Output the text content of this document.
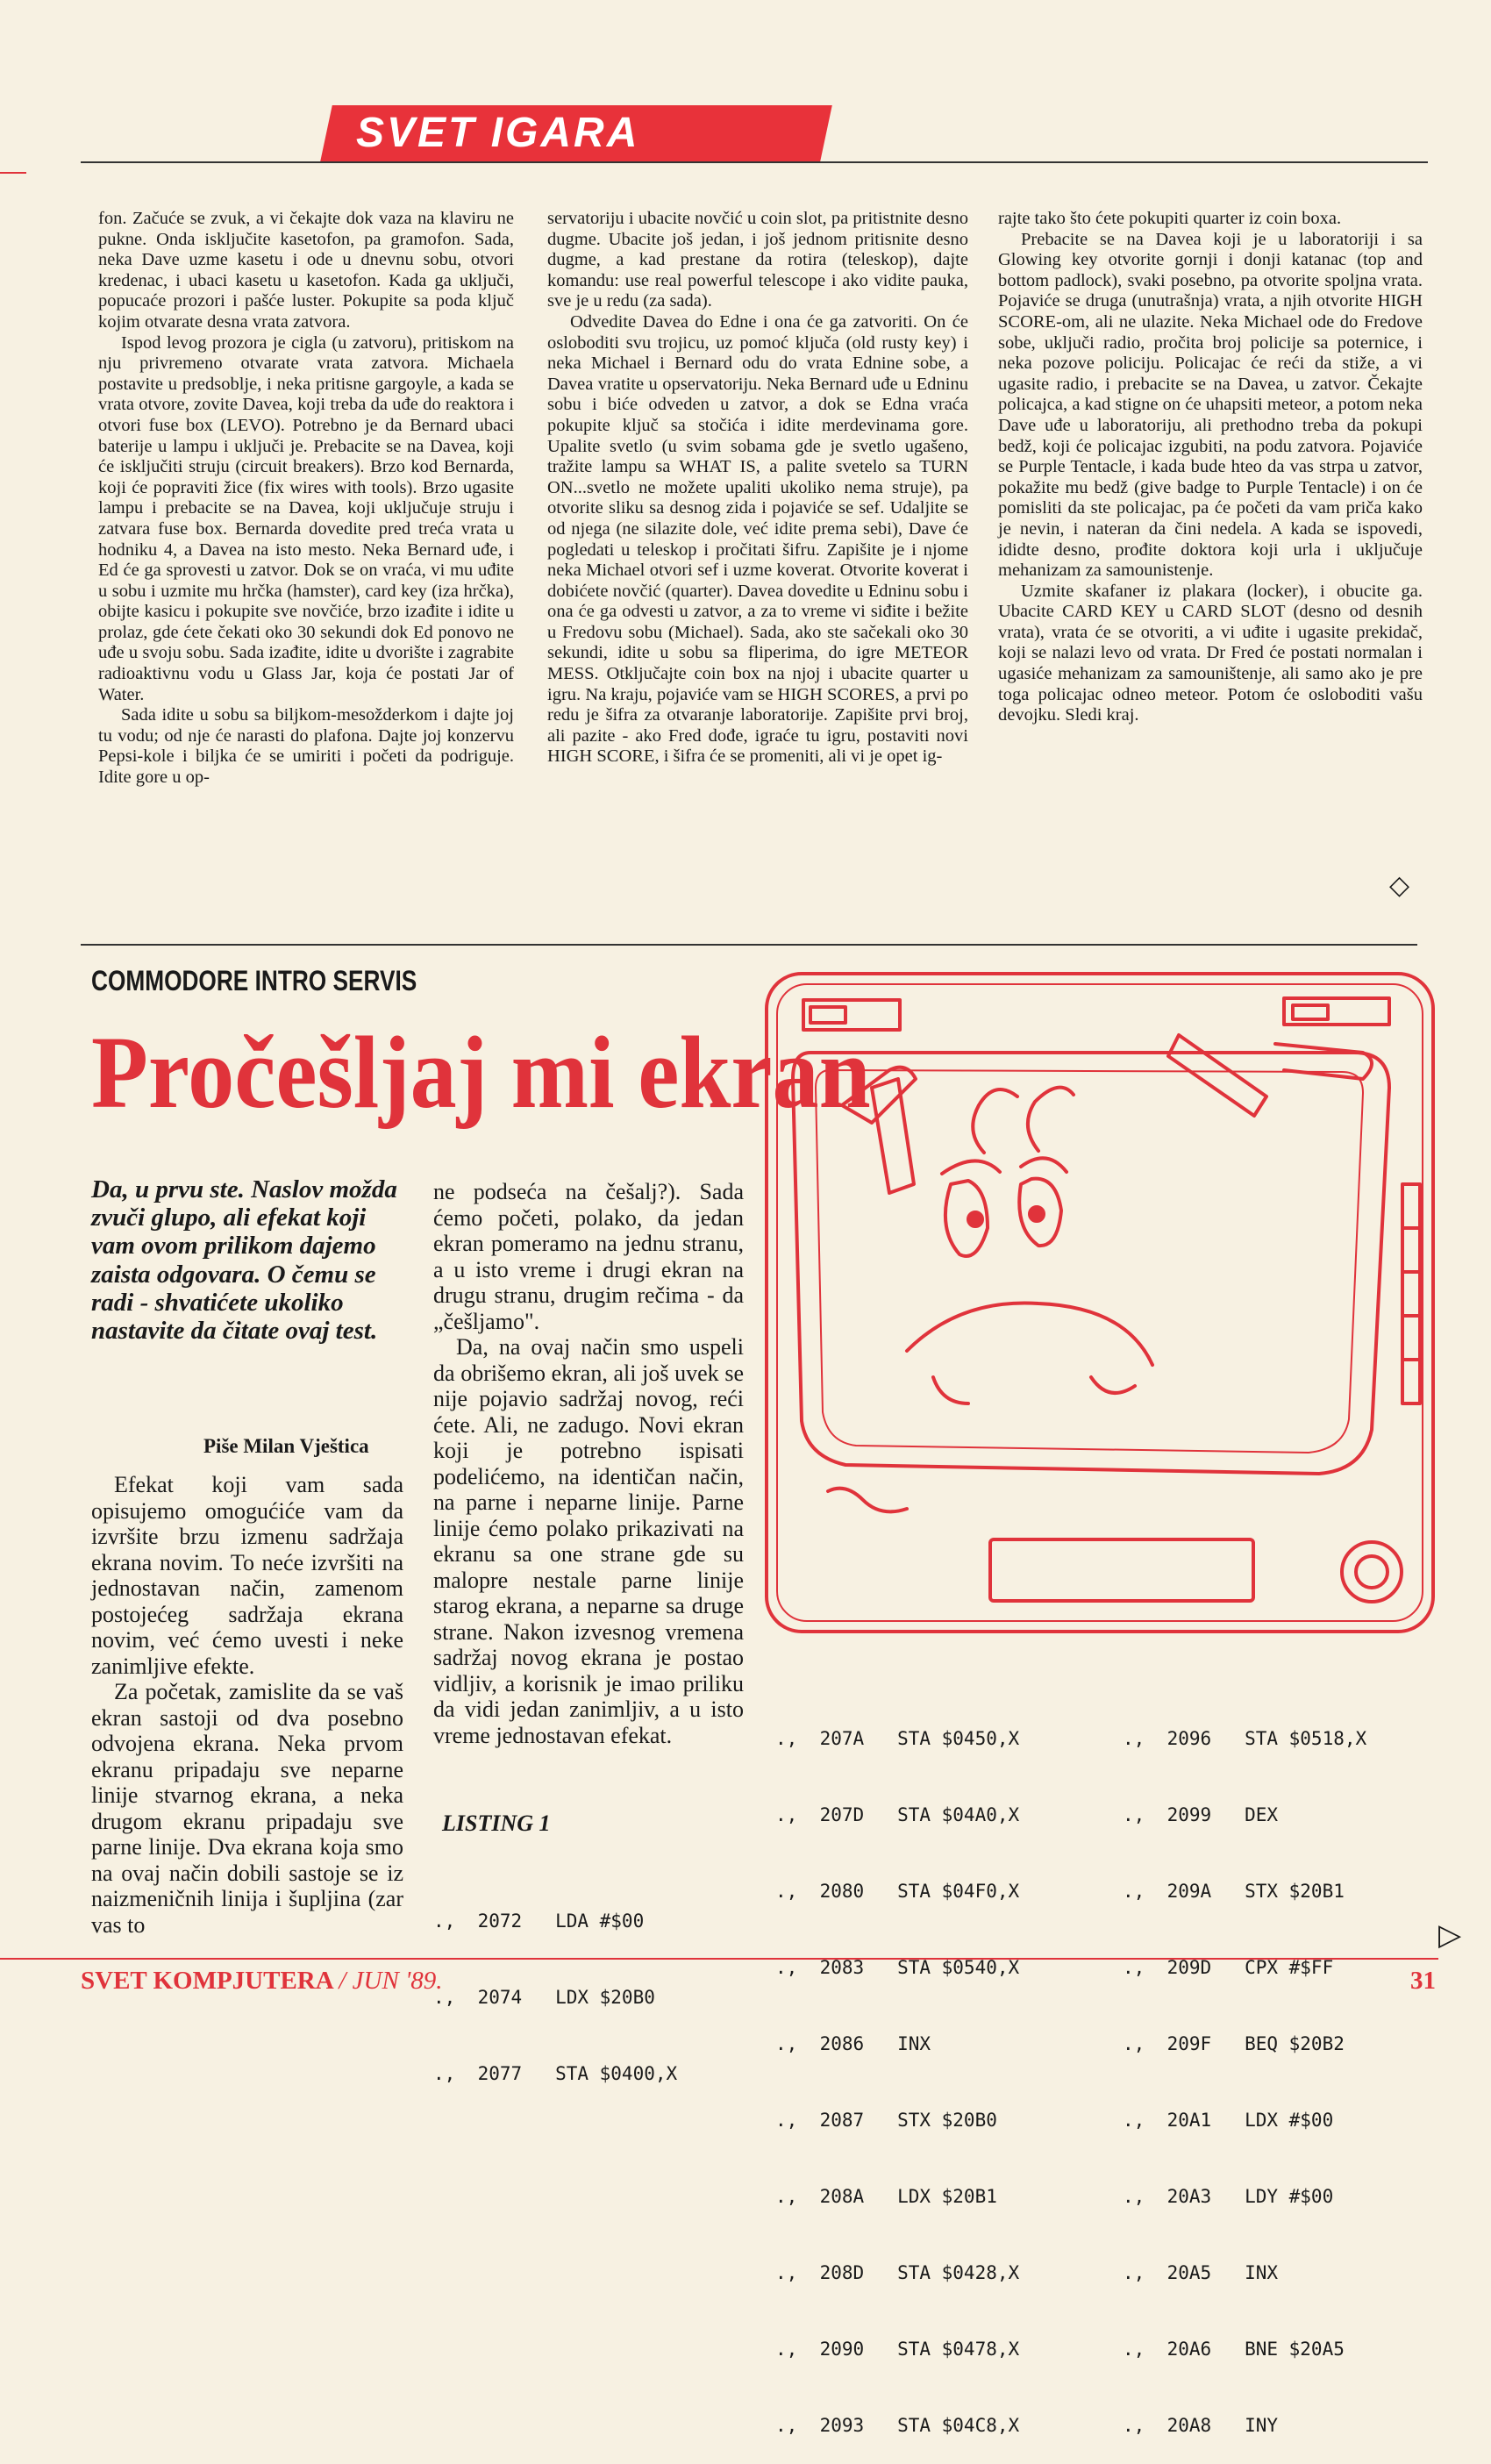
SVET IGARA

fon. Začuće se zvuk, a vi čekajte dok vaza na klaviru ne pukne. Onda isključite kasetofon, pa gramofon. Sada, neka Dave uzme kasetu i ode u dnevnu sobu, otvori kredenac, i ubaci kasetu u kasetofon. Kada ga uključi, popucaće prozori i pašće luster. Pokupite sa poda ključ kojim otvarate desna vrata zatvora.

Ispod levog prozora je cigla (u zatvoru), pritiskom na nju privremeno otvarate vrata zatvora. Michaela postavite u predsoblje, i neka pritisne gargoyle, a kada se vrata otvore, zovite Davea, koji treba da uđe do reaktora i otvori fuse box (LEVO). Potrebno je da Bernard ubaci baterije u lampu i uključi je. Prebacite se na Davea, koji će isključiti struju (circuit breakers). Brzo kod Bernarda, koji će popraviti žice (fix wires with tools). Brzo ugasite lampu i prebacite se na Davea, koji uključuje struju i zatvara fuse box. Bernarda dovedite pred treća vrata u hodniku 4, a Davea na isto mesto. Neka Bernard uđe, i Ed će ga sprovesti u zatvor. Dok se on vraća, vi mu uđite u sobu i uzmite mu hrčka (hamster), card key (iza hrčka), obijte kasicu i pokupite sve novčiće, brzo izađite i idite u prolaz, gde ćete čekati oko 30 sekundi dok Ed ponovo ne uđe u svoju sobu. Sada izađite, idite u dvorište i zagrabite radioaktivnu vodu u Glass Jar, koja će postati Jar of Water.

Sada idite u sobu sa biljkom-mesožderkom i dajte joj tu vodu; od nje će narasti do plafona. Dajte joj konzervu Pepsi-kole i biljka će se umiriti i početi da podriguje. Idite gore u op-

servatoriju i ubacite novčić u coin slot, pa pritistnite desno dugme. Ubacite još jedan, i još jednom pritisnite desno dugme, a kad prestane da rotira (teleskop), dajte komandu: use real powerful telescope i ako vidite pauka, sve je u redu (za sada).

Odvedite Davea do Edne i ona će ga zatvoriti. On će osloboditi svu trojicu, uz pomoć ključa (old rusty key) i neka Michael i Bernard odu do vrata Ednine sobe, a Davea vratite u opservatoriju. Neka Bernard uđe u Edninu sobu i biće odveden u zatvor, a dok se Edna vraća pokupite ključ sa stočića i idite merdevinama gore. Upalite svetlo (u svim sobama gde je svetlo ugašeno, tražite lampu sa WHAT IS, a palite svetelo sa TURN ON...svetlo ne možete upaliti ukoliko nema struje), pa otvorite sliku sa desnog zida i pojaviće se sef. Udaljite se od njega (ne silazite dole, već idite prema sebi), Dave će pogledati u teleskop i pročitati šifru. Zapišite je i njome neka Michael otvori sef i uzme koverat. Otvorite koverat i dobićete novčić (quarter). Davea dovedite u Edninu sobu i ona će ga odvesti u zatvor, a za to vreme vi siđite i bežite u Fredovu sobu (Michael). Sada, ako ste sačekali oko 30 sekundi, idite u sobu sa fliperima, do igre METEOR MESS. Otključajte coin box na njoj i ubacite quarter u igru. Na kraju, pojaviće vam se HIGH SCORES, a prvi po redu je šifra za otvaranje laboratorije. Zapišite prvi broj, ali pazite - ako Fred dođe, igraće tu igru, postaviti novi HIGH SCORE, i šifra će se promeniti, ali vi je opet ig-

rajte tako što ćete pokupiti quarter iz coin boxa.

Prebacite se na Davea koji je u laboratoriji i sa Glowing key otvorite gornji i donji katanac (top and bottom padlock), svaki posebno, pa otvorite spoljna vrata. Pojaviće se druga (unutrašnja) vrata, a njih otvorite HIGH SCORE-om, ali ne ulazite. Neka Michael ode do Fredove sobe, uključi radio, pročita broj policije sa poternice, i neka pozove policiju. Policajac će reći da stiže, a vi ugasite radio, i prebacite se na Davea, u zatvor. Čekajte policajca, a kad stigne on će uhapsiti meteor, a potom neka Dave uđe u laboratoriju, ali prethodno treba da pokupi bedž, koji će policajac izgubiti, na podu zatvora. Pojaviće se Purple Tentacle, i kada bude hteo da vas strpa u zatvor, pokažite mu bedž (give badge to Purple Tentacle) i on će pomisliti da ste policajac, pa će početi da vam priča kako je nevin, i nateran da čini nedela. A kada se ispovedi, ididte desno, prođite doktora koji urla i uključuje mehanizam za samounistenje.

Uzmite skafaner iz plakara (locker), i obucite ga. Ubacite CARD KEY u CARD SLOT (desno od desnih vrata), vrata će se otvoriti, a vi uđite i ugasite prekidač, koji se nalazi levo od vrata. Dr Fred će postati normalan i ugasiće mehanizam za samouništenje, ali samo ako je pre toga policajac odneo meteor. Potom će osloboditi vašu devojku. Sledi kraj.

◇
COMMODORE INTRO SERVIS
Pročešljaj mi ekran
Da, u prvu ste. Naslov možda zvuči glupo, ali efekat koji vam ovom prilikom dajemo zaista odgovara. O čemu se radi - shvatićete ukoliko nastavite da čitate ovaj test.
Piše Milan Vještica

Efekat koji vam sada opisujemo omogućiće vam da izvršite brzu izmenu sadržaja ekrana novim. To neće izvršiti na jednostavan način, zamenom postojećeg sadržaja ekrana novim, već ćemo uvesti i neke zanimljive efekte.

Za početak, zamislite da se vaš ekran sastoji od dva posebno odvojena ekrana. Neka prvom ekranu pripadaju sve neparne linije stvarnog ekrana, a neka drugom ekranu pripadaju sve parne linije. Dva ekrana koja smo na ovaj način dobili sastoje se iz naizmeničnih linija i šupljina (zar vas to

ne podseća na češalj?). Sada ćemo početi, polako, da jedan ekran pomeramo na jednu stranu, a u isto vreme i drugi ekran na drugu stranu, drugim rečima - da „češljamo".

Da, na ovaj način smo uspeli da obrišemo ekran, ali još uvek se nije pojavio sadržaj novog, reći ćete. Ali, ne zadugo. Novi ekran koji je potrebno ispisati podelićemo, na identičan način, na parne i neparne linije. Parne linije ćemo polako prikazivati na ekranu sa one strane gde su malopre nestale parne linije starog ekrana, a neparne sa druge strane. Nakon izvesnog vremena sadržaj novog ekrana je postao vidljiv, a korisnik je imao priliku da vidi jedan zanimljiv, a u isto vreme jednostavan efekat.

LISTING 1

.,  2072   LDA #$00

.,  2074   LDX $20B0

.,  2077   STA $0400,X

.,  207A   STA $0450,X

.,  207D   STA $04A0,X

.,  2080   STA $04F0,X

.,  2083   STA $0540,X

.,  2086   INX

.,  2087   STX $20B0

.,  208A   LDX $20B1

.,  208D   STA $0428,X

.,  2090   STA $0478,X

.,  2093   STA $04C8,X

.,  2096   STA $0518,X

.,  2099   DEX

.,  209A   STX $20B1

.,  209D   CPX #$FF

.,  209F   BEQ $20B2

.,  20A1   LDX #$00

.,  20A3   LDY #$00

.,  20A5   INX

.,  20A6   BNE $20A5

.,  20A8   INY

▷
SVET KOMPJUTERA / JUN '89.	31
